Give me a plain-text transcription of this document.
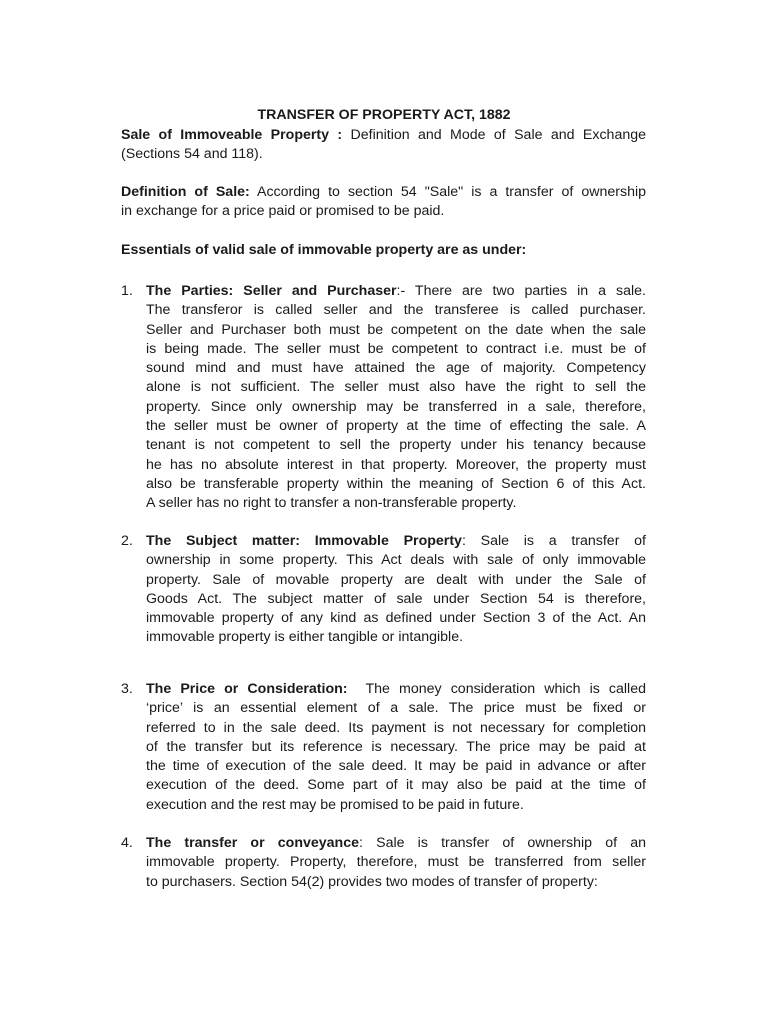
TRANSFER OF PROPERTY ACT, 1882
Sale of Immoveable Property : Definition and Mode of Sale and Exchange
(Sections 54 and 118).
Definition of Sale: According to section 54 "Sale" is a transfer of ownership
in exchange for a price paid or promised to be paid.
Essentials of valid sale of immovable property are as under:
1. The Parties: Seller and Purchaser:- There are two parties in a sale.
The transferor is called seller and the transferee is called purchaser.
Seller and Purchaser both must be competent on the date when the sale
is being made. The seller must be competent to contract i.e. must be of
sound mind and must have attained the age of majority. Competency
alone is not sufficient. The seller must also have the right to sell the
property. Since only ownership may be transferred in a sale, therefore,
the seller must be owner of property at the time of effecting the sale. A
tenant is not competent to sell the property under his tenancy because
he has no absolute interest in that property. Moreover, the property must
also be transferable property within the meaning of Section 6 of this Act.
A seller has no right to transfer a non-transferable property.
2. The Subject matter: Immovable Property: Sale is a transfer of
ownership in some property. This Act deals with sale of only immovable
property. Sale of movable property are dealt with under the Sale of
Goods Act. The subject matter of sale under Section 54 is therefore,
immovable property of any kind as defined under Section 3 of the Act. An
immovable property is either tangible or intangible.
3. The Price or Consideration:  The money consideration which is called
‘price’ is an essential element of a sale. The price must be fixed or
referred to in the sale deed. Its payment is not necessary for completion
of the transfer but its reference is necessary. The price may be paid at
the time of execution of the sale deed. It may be paid in advance or after
execution of the deed. Some part of it may also be paid at the time of
execution and the rest may be promised to be paid in future.
4. The transfer or conveyance: Sale is transfer of ownership of an
immovable property. Property, therefore, must be transferred from seller
to purchasers. Section 54(2) provides two modes of transfer of property:
